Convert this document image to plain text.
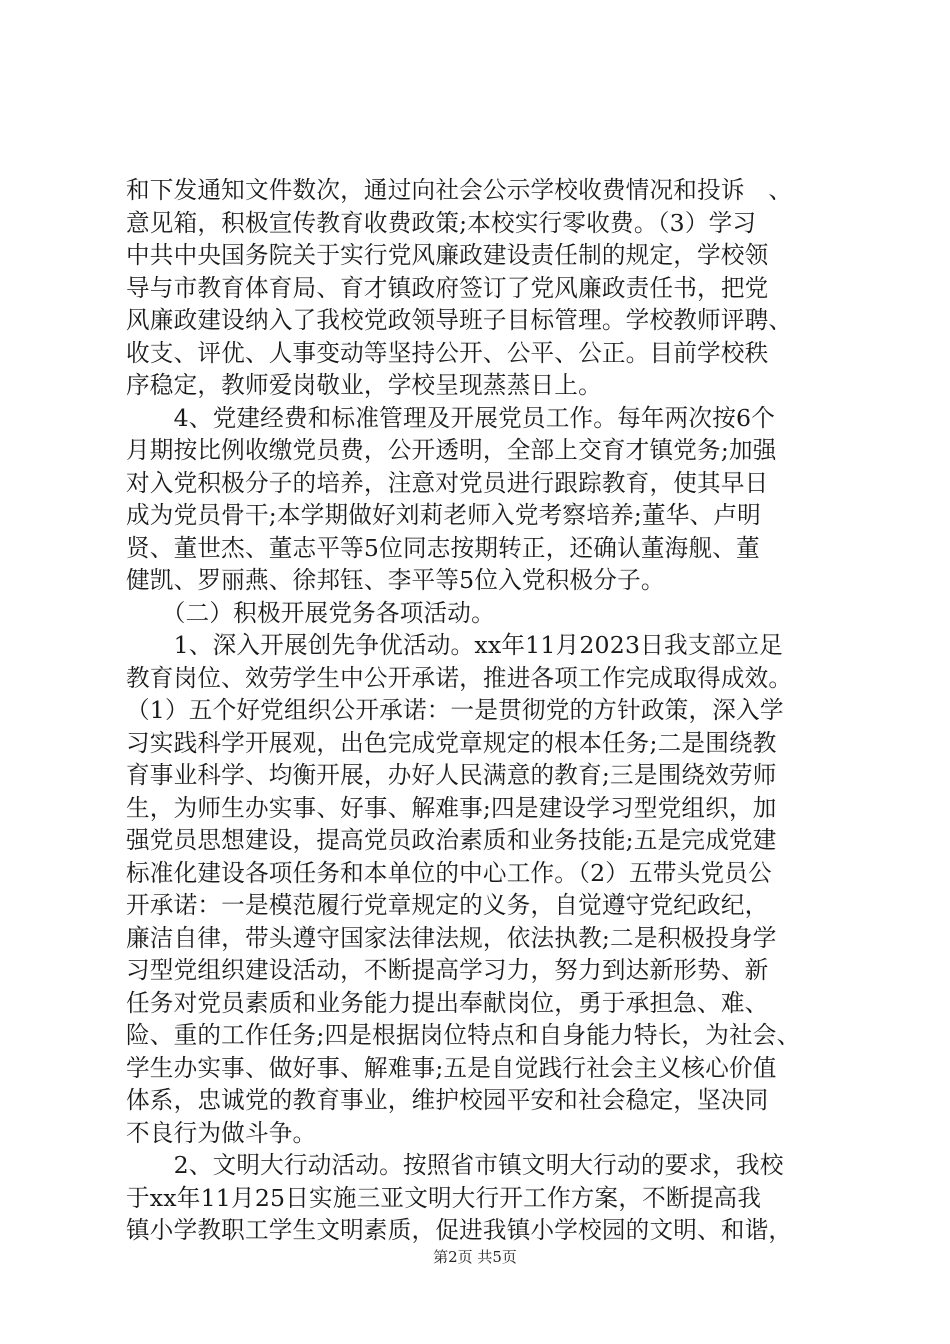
和下发通知文件数次，通过向社会公示学校收费情况和投诉　、
意见箱，积极宣传教育收费政策;本校实行零收费。（3）学习
中共中央国务院关于实行党风廉政建设责任制的规定，学校领
导与市教育体育局、育才镇政府签订了党风廉政责任书，把党
风廉政建设纳入了我校党政领导班子目标管理。学校教师评聘、
收支、评优、人事变动等坚持公开、公平、公正。目前学校秩
序稳定，教师爱岗敬业，学校呈现蒸蒸日上。
　　4、党建经费和标准管理及开展党员工作。每年两次按6个
月期按比例收缴党员费，公开透明，全部上交育才镇党务;加强
对入党积极分子的培养，注意对党员进行跟踪教育，使其早日
成为党员骨干;本学期做好刘莉老师入党考察培养;董华、卢明
贤、董世杰、董志平等5位同志按期转正，还确认董海舰、董
健凯、罗丽燕、徐邦钰、李平等5位入党积极分子。
　　（二）积极开展党务各项活动。
　　1、深入开展创先争优活动。xx年11月2023日我支部立足
教育岗位、效劳学生中公开承诺，推进各项工作完成取得成效。
（1）五个好党组织公开承诺：一是贯彻党的方针政策，深入学
习实践科学开展观，出色完成党章规定的根本任务;二是围绕教
育事业科学、均衡开展，办好人民满意的教育;三是围绕效劳师
生，为师生办实事、好事、解难事;四是建设学习型党组织，加
强党员思想建设，提高党员政治素质和业务技能;五是完成党建
标准化建设各项任务和本单位的中心工作。（2）五带头党员公
开承诺：一是模范履行党章规定的义务，自觉遵守党纪政纪，
廉洁自律，带头遵守国家法律法规，依法执教;二是积极投身学
习型党组织建设活动，不断提高学习力，努力到达新形势、新
任务对党员素质和业务能力提出奉献岗位，勇于承担急、难、
险、重的工作任务;四是根据岗位特点和自身能力特长，为社会、
学生办实事、做好事、解难事;五是自觉践行社会主义核心价值
体系，忠诚党的教育事业，维护校园平安和社会稳定，坚决同
不良行为做斗争。
　　2、文明大行动活动。按照省市镇文明大行动的要求，我校
于xx年11月25日实施三亚文明大行开工作方案，不断提高我
镇小学教职工学生文明素质，促进我镇小学校园的文明、和谐，
第2页 共5页
